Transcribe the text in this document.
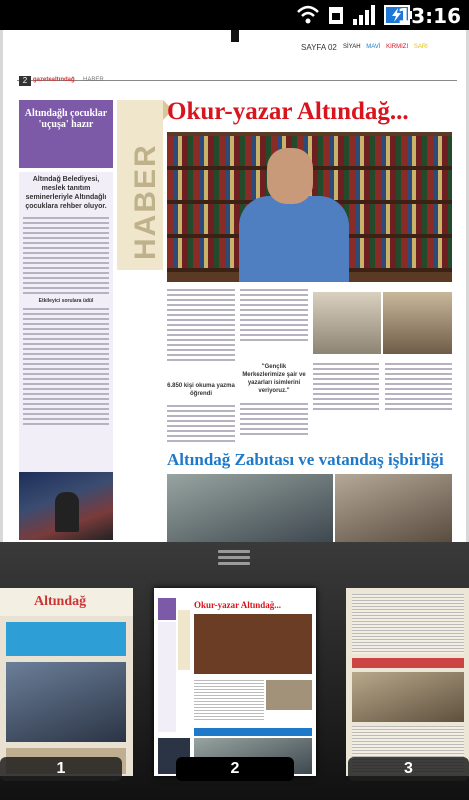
13:16
SAYFA 02 SİYAH MAVİ KIRMIZI SARI
2 gazetealtındağ HABER
Altındağlı çocuklar 'uçuşa' hazır
Altındağ Belediyesi, meslek tanıtım seminerleriyle Altındağlı çocuklara rehber oluyor.
Etkileyici sorulara üdül
HABER
Okur-yazar Altındağ...
6.850 kişi okuma yazma öğrendi
"Gençlik Merkezlerimize şair ve yazarları isimlerini veriyoruz."
Altındağ Zabıtası ve vatandaş işbirliği
Altındağ	Okur-yazar Altındağ...
1	2	3
